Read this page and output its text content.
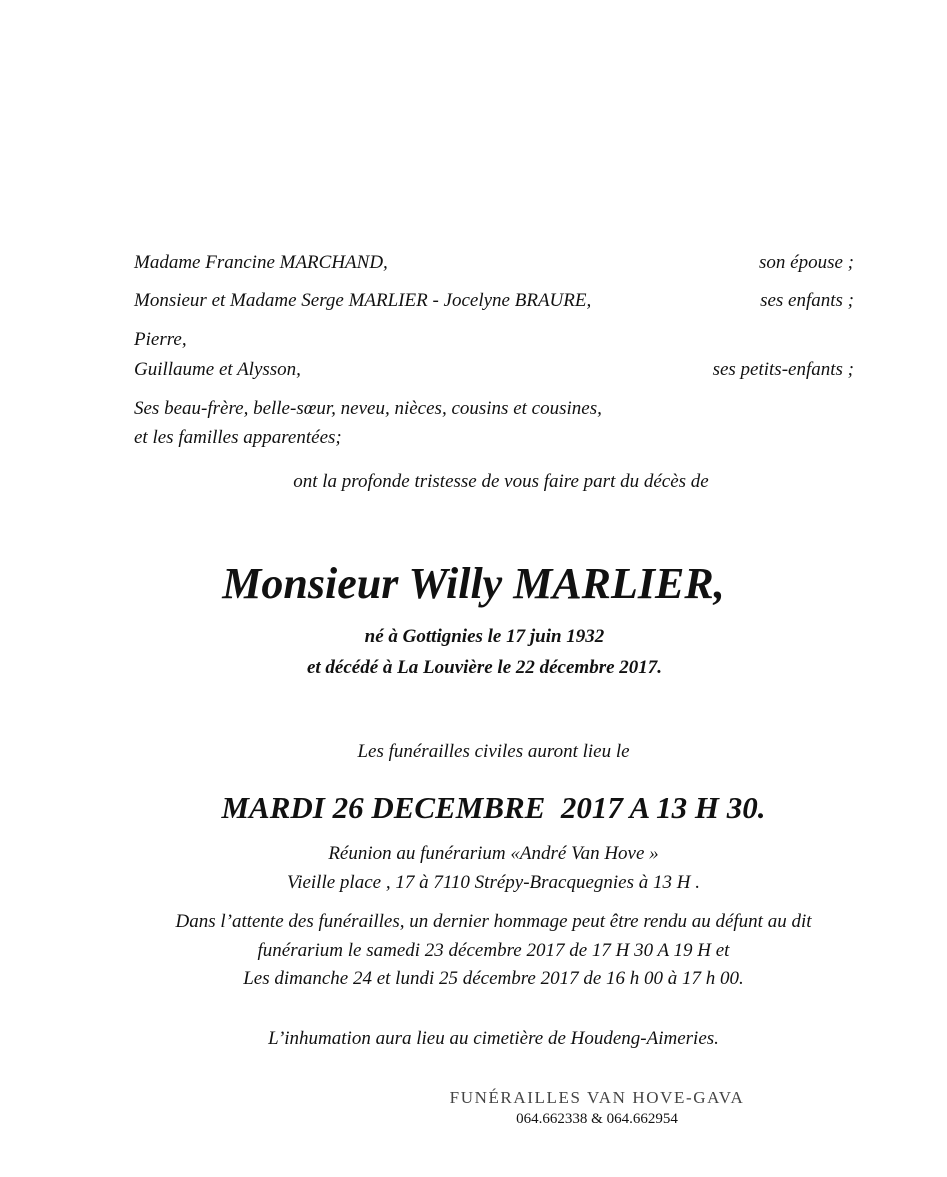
Madame Francine MARCHAND,	son épouse ;
Monsieur et Madame Serge MARLIER - Jocelyne BRAURE,	ses enfants ;
Pierre,
Guillaume et Alysson,	ses petits-enfants ;
Ses beau-frère, belle-sœur, neveu, nièces, cousins et cousines,
et les familles apparentées;
ont la profonde tristesse de vous faire part du décès de
Monsieur Willy MARLIER,
né à Gottignies le 17 juin 1932
et décédé à La Louvière le 22 décembre 2017.
Les funérailles civiles auront lieu le
MARDI 26 DECEMBRE  2017 A 13 H 30.
Réunion au funérarium «André Van Hove »
Vieille place , 17 à 7110 Strépy-Bracquegnies à 13 H .
Dans l’attente des funérailles, un dernier hommage peut être rendu au défunt au dit
funérarium le samedi 23 décembre 2017 de 17 H 30 A 19 H et
Les dimanche 24 et lundi 25 décembre 2017 de 16 h 00 à 17 h 00.
L’inhumation aura lieu au cimetière de Houdeng-Aimeries.
FUNÉRAILLES VAN HOVE-GAVA
064.662338 & 064.662954
